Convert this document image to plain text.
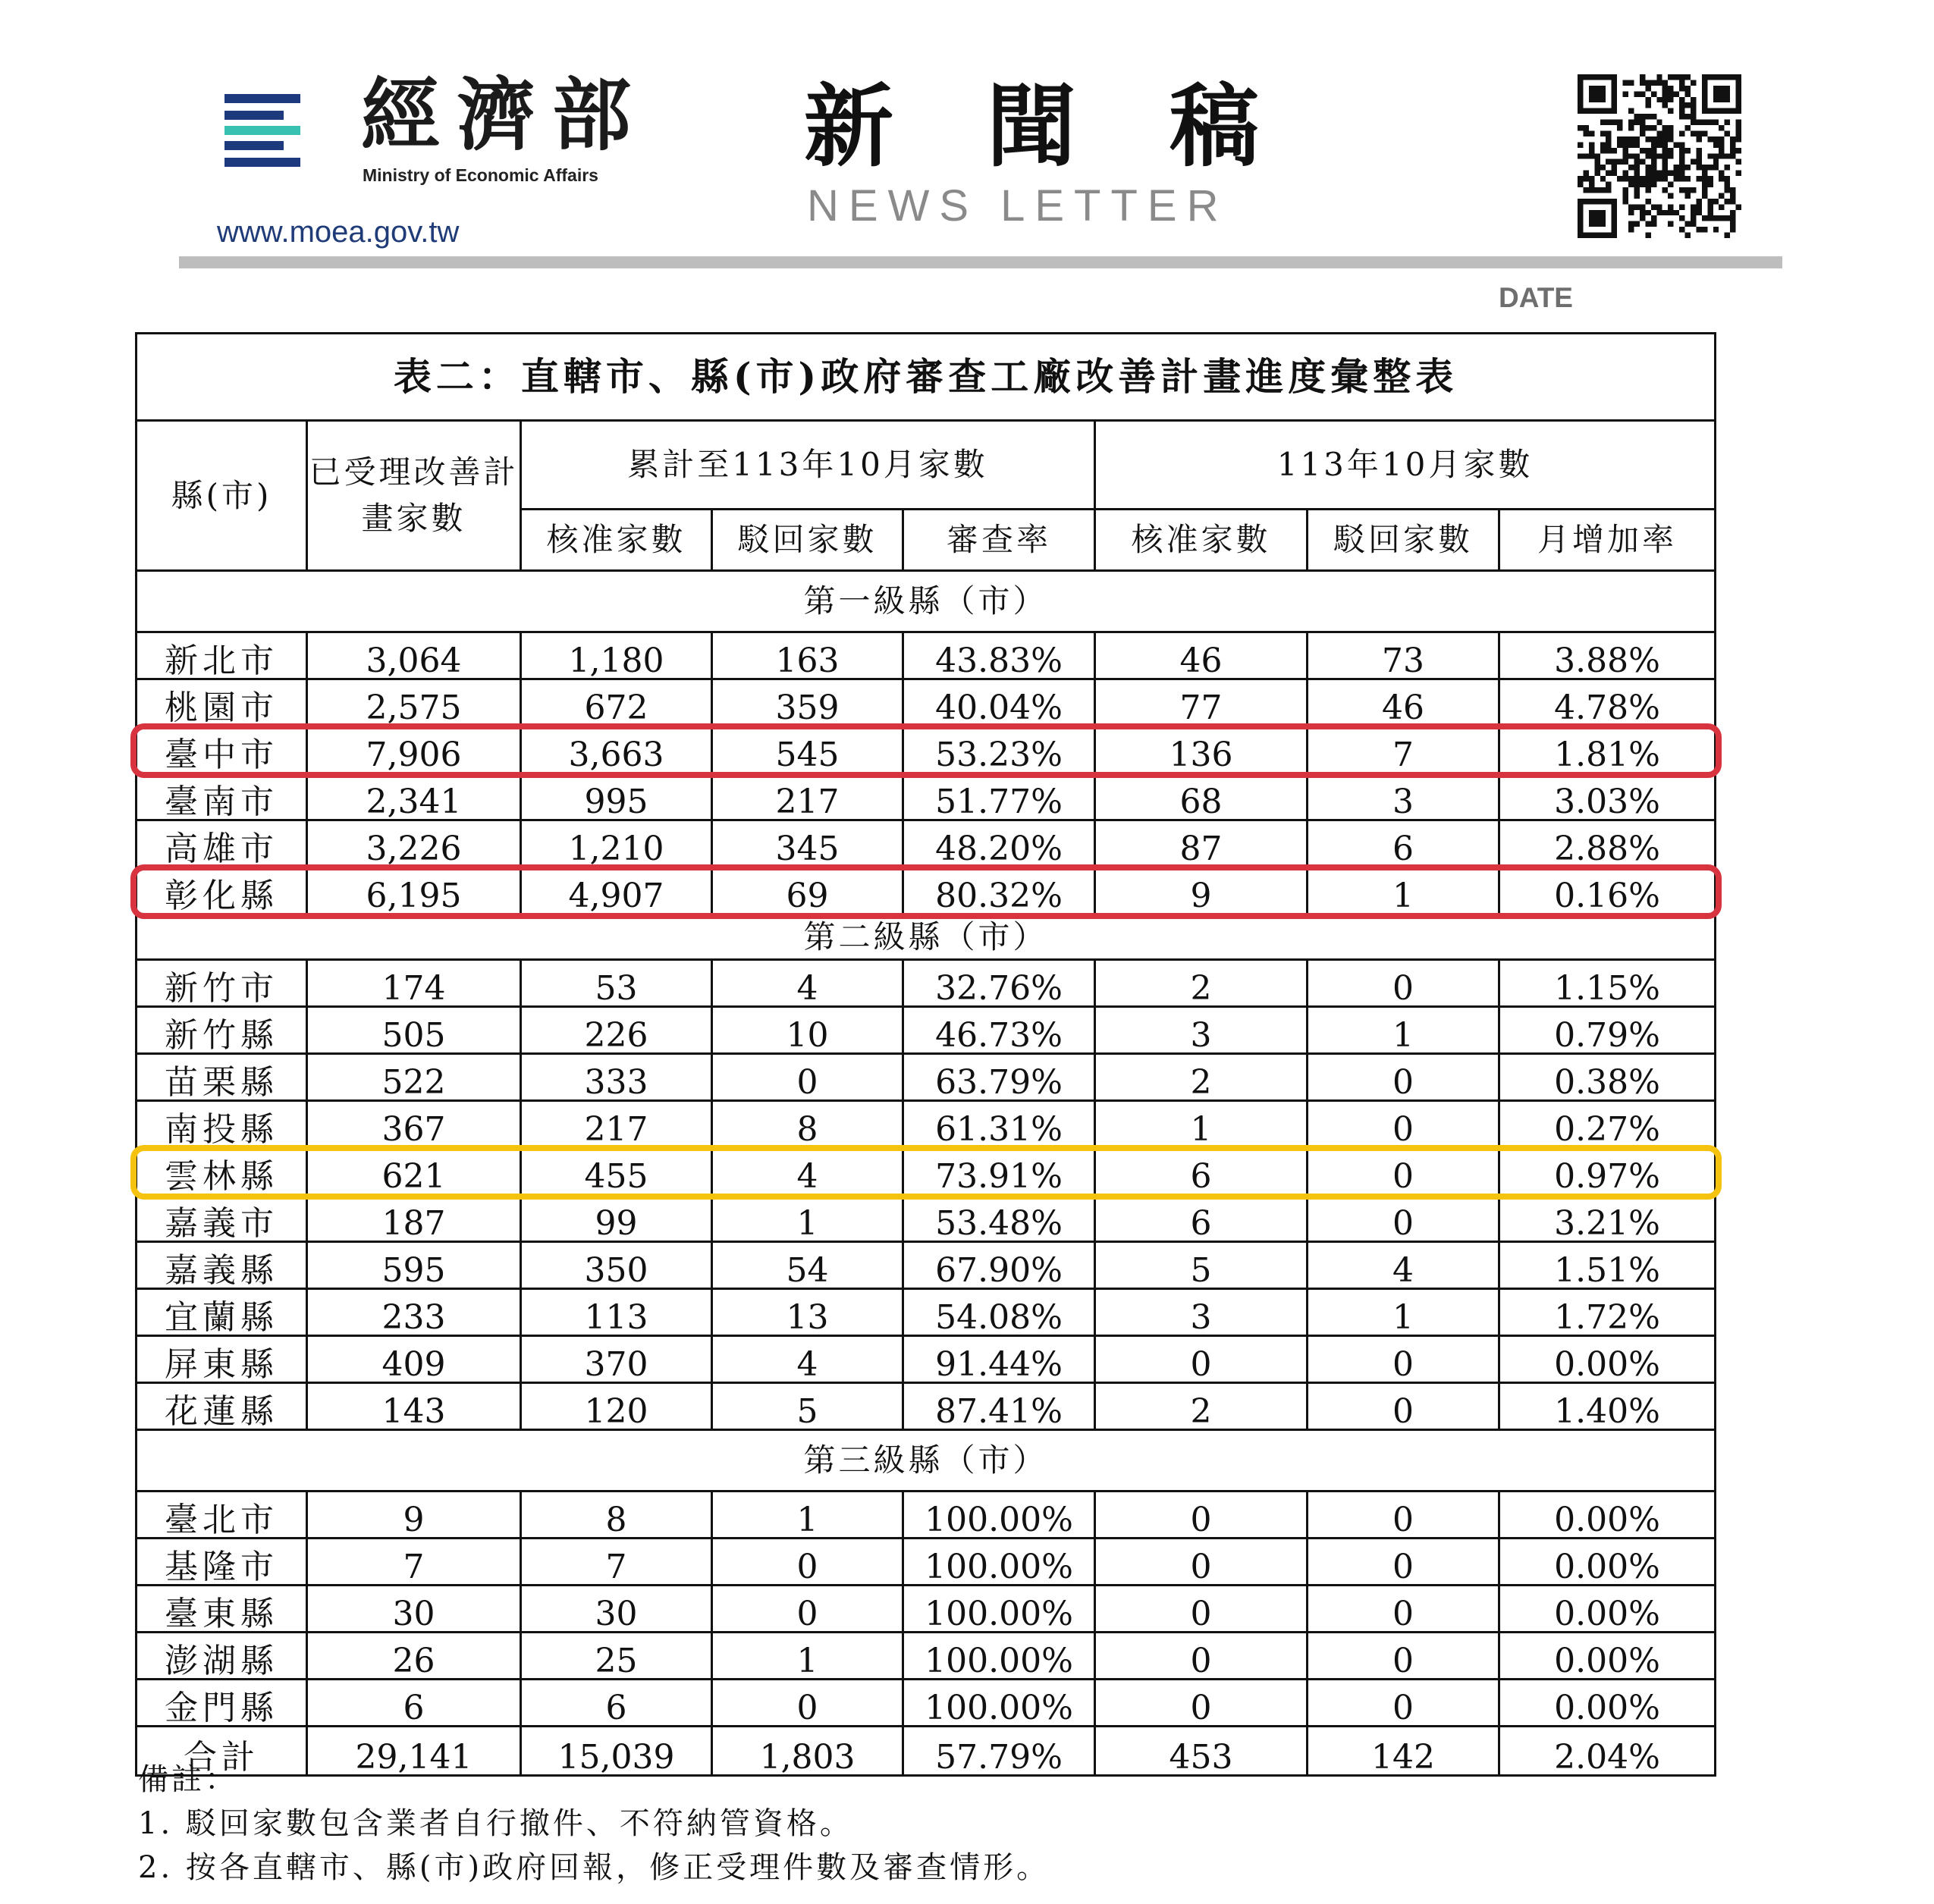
經濟部
Ministry of Economic Affairs
www.moea.gov.tw
新 聞 稿
NEWS LETTER
DATE
表二：直轄市、縣(市)政府審查工廠改善計畫進度彙整表							
縣(市)	已受理改善計畫家數	累計至113年10月家數			113年10月家數		
		核准家數	駁回家數	審查率	核准家數	駁回家數	月增加率
第一級縣（市）							
新北市	3,064	1,180	163	43.83%	46	73	3.88%
桃園市	2,575	672	359	40.04%	77	46	4.78%
臺中市	7,906	3,663	545	53.23%	136	7	1.81%
臺南市	2,341	995	217	51.77%	68	3	3.03%
高雄市	3,226	1,210	345	48.20%	87	6	2.88%
彰化縣	6,195	4,907	69	80.32%	9	1	0.16%
第二級縣（市）							
新竹市	174	53	4	32.76%	2	0	1.15%
新竹縣	505	226	10	46.73%	3	1	0.79%
苗栗縣	522	333	0	63.79%	2	0	0.38%
南投縣	367	217	8	61.31%	1	0	0.27%
雲林縣	621	455	4	73.91%	6	0	0.97%
嘉義市	187	99	1	53.48%	6	0	3.21%
嘉義縣	595	350	54	67.90%	5	4	1.51%
宜蘭縣	233	113	13	54.08%	3	1	1.72%
屏東縣	409	370	4	91.44%	0	0	0.00%
花蓮縣	143	120	5	87.41%	2	0	1.40%
第三級縣（市）							
臺北市	9	8	1	100.00%	0	0	0.00%
基隆市	7	7	0	100.00%	0	0	0.00%
臺東縣	30	30	0	100.00%	0	0	0.00%
澎湖縣	26	25	1	100.00%	0	0	0.00%
金門縣	6	6	0	100.00%	0	0	0.00%
合計	29,141	15,039	1,803	57.79%	453	142	2.04%
備註：
1. 駁回家數包含業者自行撤件、不符納管資格。
2. 按各直轄市、縣(市)政府回報，修正受理件數及審查情形。
